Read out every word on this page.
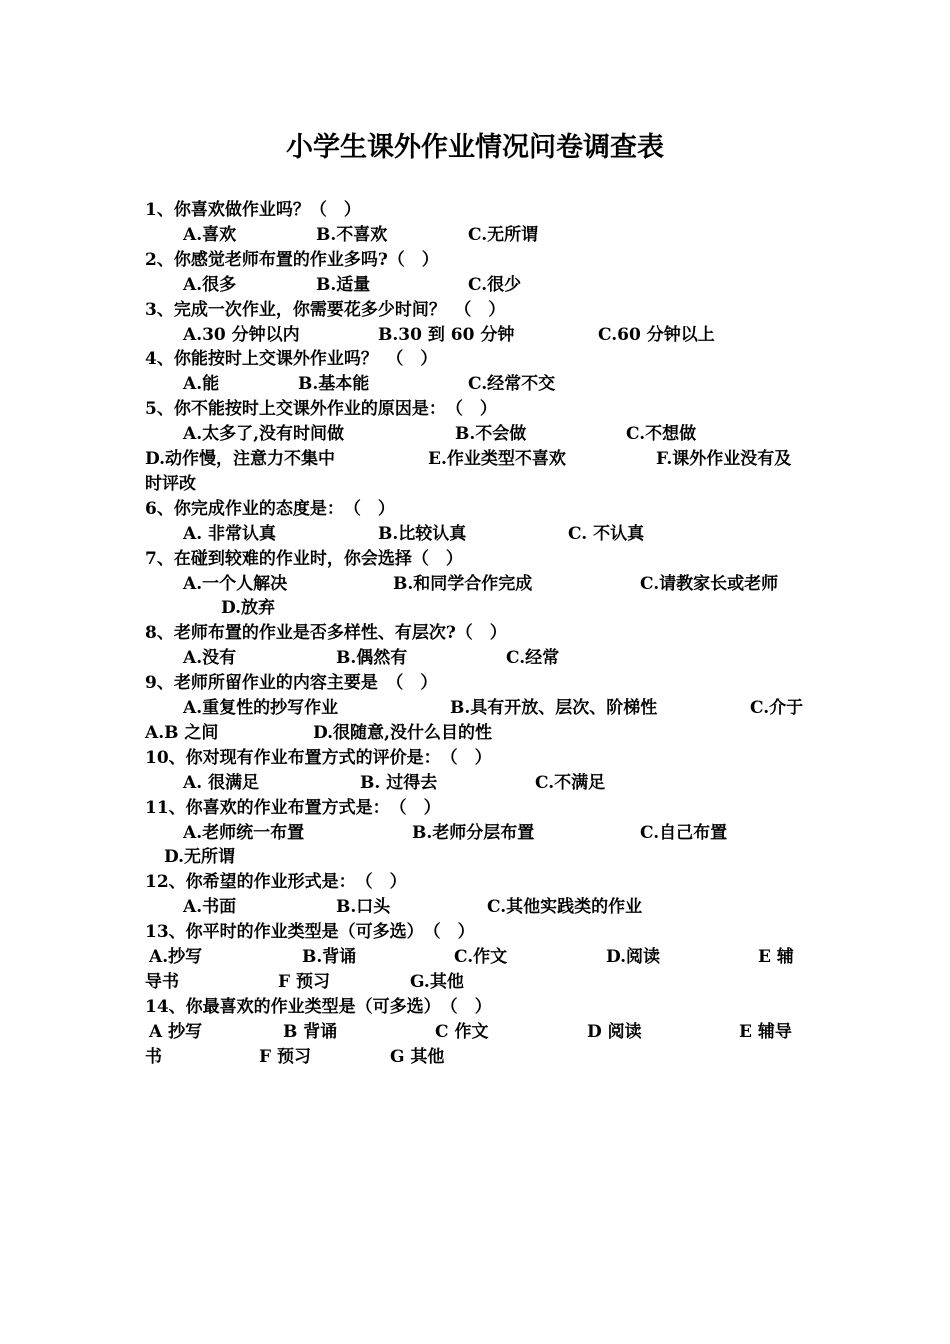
小学生课外作业情况问卷调查表
1、你喜欢做作业吗？（　）
A.喜欢	B.不喜欢	C.无所谓
2、你感觉老师布置的作业多吗?（　）
A.很多	B.适量	C.很少
3、完成一次作业，你需要花多少时间？　（　）
A.30 分钟以内	B.30 到 60 分钟	C.60 分钟以上
4、你能按时上交课外作业吗？　（　）
A.能	B.基本能	C.经常不交
5、你不能按时上交课外作业的原因是：　（　）
A.太多了,没有时间做	B.不会做	C.不想做
D.动作慢，注意力不集中	E.作业类型不喜欢	F.课外作业没有及
时评改
6、你完成作业的态度是：　（　）
A. 非常认真	B.比较认真	C. 不认真
7、在碰到较难的作业时，你会选择（　）
A.一个人解决	B.和同学合作完成	C.请教家长或老师
D.放弃
8、老师布置的作业是否多样性、有层次?（　）
A.没有	B.偶然有	C.经常
9、老师所留作业的内容主要是　（　）
A.重复性的抄写作业	B.具有开放、层次、阶梯性	C.介于
A.B 之间	D.很随意,没什么目的性
10、你对现有作业布置方式的评价是：　（　）
A. 很满足	B. 过得去	C.不满足
11、你喜欢的作业布置方式是：　（　）
A.老师统一布置	B.老师分层布置	C.自己布置
D.无所谓
12、你希望的作业形式是：　（　）
A.书面	B.口头	C.其他实践类的作业
13、你平时的作业类型是（可多选）　（　）
A.抄写	B.背诵	C.作文	D.阅读	E 辅
导书	F 预习	G.其他
14、你最喜欢的作业类型是（可多选）　（　）
A 抄写	B 背诵	C 作文	D 阅读	E 辅导
书	F 预习	G 其他
